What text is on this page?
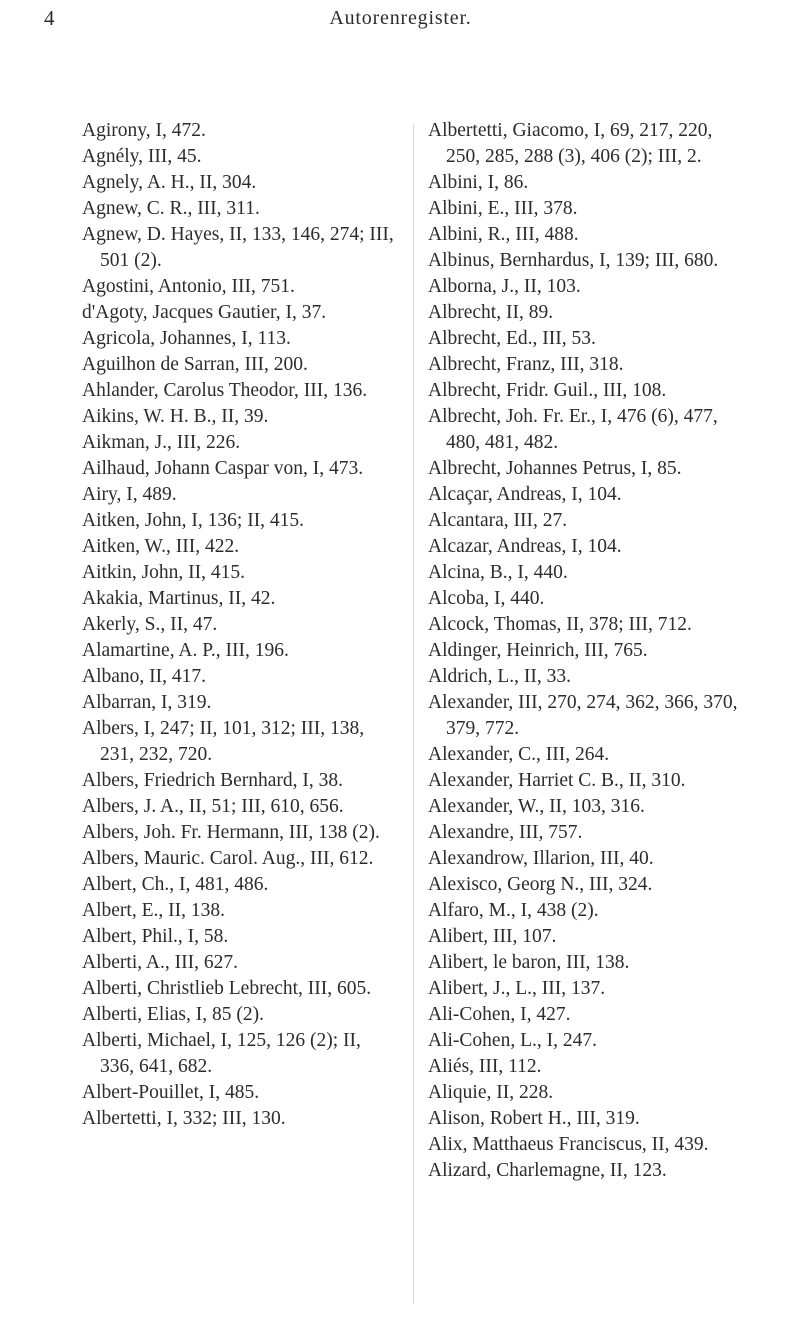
4	Autorenregister.

Agirony, I, 472.

Agnély, III, 45.

Agnely, A. H., II, 304.

Agnew, C. R., III, 311.

Agnew, D. Hayes, II, 133, 146, 274; III, 501 (2).

Agostini, Antonio, III, 751.

d'Agoty, Jacques Gautier, I, 37.

Agricola, Johannes, I, 113.

Aguilhon de Sarran, III, 200.

Ahlander, Carolus Theodor, III, 136.

Aikins, W. H. B., II, 39.

Aikman, J., III, 226.

Ailhaud, Johann Caspar von, I, 473.

Airy, I, 489.

Aitken, John, I, 136; II, 415.

Aitken, W., III, 422.

Aitkin, John, II, 415.

Akakia, Martinus, II, 42.

Akerly, S., II, 47.

Alamartine, A. P., III, 196.

Albano, II, 417.

Albarran, I, 319.

Albers, I, 247; II, 101, 312; III, 138, 231, 232, 720.

Albers, Friedrich Bernhard, I, 38.

Albers, J. A., II, 51; III, 610, 656.

Albers, Joh. Fr. Hermann, III, 138 (2).

Albers, Mauric. Carol. Aug., III, 612.

Albert, Ch., I, 481, 486.

Albert, E., II, 138.

Albert, Phil., I, 58.

Alberti, A., III, 627.

Alberti, Christlieb Lebrecht, III, 605.

Alberti, Elias, I, 85 (2).

Alberti, Michael, I, 125, 126 (2); II, 336, 641, 682.

Albert-Pouillet, I, 485.

Albertetti, I, 332; III, 130.

Albertetti, Giacomo, I, 69, 217, 220, 250, 285, 288 (3), 406 (2); III, 2.

Albini, I, 86.

Albini, E., III, 378.

Albini, R., III, 488.

Albinus, Bernhardus, I, 139; III, 680.

Alborna, J., II, 103.

Albrecht, II, 89.

Albrecht, Ed., III, 53.

Albrecht, Franz, III, 318.

Albrecht, Fridr. Guil., III, 108.

Albrecht, Joh. Fr. Er., I, 476 (6), 477, 480, 481, 482.

Albrecht, Johannes Petrus, I, 85.

Alcaçar, Andreas, I, 104.

Alcantara, III, 27.

Alcazar, Andreas, I, 104.

Alcina, B., I, 440.

Alcoba, I, 440.

Alcock, Thomas, II, 378; III, 712.

Aldinger, Heinrich, III, 765.

Aldrich, L., II, 33.

Alexander, III, 270, 274, 362, 366, 370, 379, 772.

Alexander, C., III, 264.

Alexander, Harriet C. B., II, 310.

Alexander, W., II, 103, 316.

Alexandre, III, 757.

Alexandrow, Illarion, III, 40.

Alexisco, Georg N., III, 324.

Alfaro, M., I, 438 (2).

Alibert, III, 107.

Alibert, le baron, III, 138.

Alibert, J., L., III, 137.

Ali-Cohen, I, 427.

Ali-Cohen, L., I, 247.

Aliés, III, 112.

Aliquie, II, 228.

Alison, Robert H., III, 319.

Alix, Matthaeus Franciscus, II, 439.

Alizard, Charlemagne, II, 123.
